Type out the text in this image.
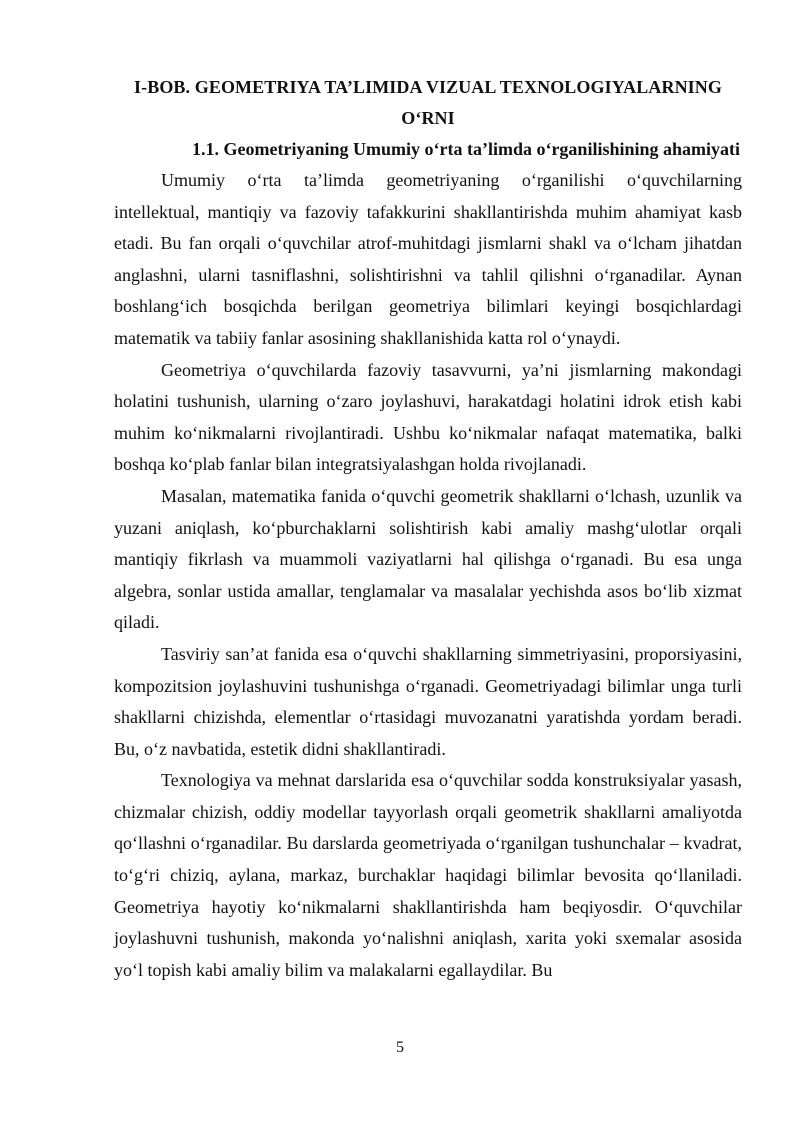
I-BOB. GEOMETRIYA TA’LIMIDA VIZUAL TEXNOLOGIYALARNING

O‘RNI

1.1. Geometriyaning Umumiy o‘rta ta’limda o‘rganilishining ahamiyati

Umumiy o‘rta ta’limda geometriyaning o‘rganilishi o‘quvchilarning intellektual, mantiqiy va fazoviy tafakkurini shakllantirishda muhim ahamiyat kasb etadi. Bu fan orqali o‘quvchilar atrof-muhitdagi jismlarni shakl va o‘lcham jihatdan anglashni, ularni tasniflashni, solishtirishni va tahlil qilishni o‘rganadilar. Aynan boshlang‘ich bosqichda berilgan geometriya bilimlari keyingi bosqichlardagi matematik va tabiiy fanlar asosining shakllanishida katta rol o‘ynaydi.

Geometriya o‘quvchilarda fazoviy tasavvurni, ya’ni jismlarning makondagi holatini tushunish, ularning o‘zaro joylashuvi, harakatdagi holatini idrok etish kabi muhim ko‘nikmalarni rivojlantiradi. Ushbu ko‘nikmalar nafaqat matematika, balki boshqa ko‘plab fanlar bilan integratsiyalashgan holda rivojlanadi.

Masalan, matematika fanida o‘quvchi geometrik shakllarni o‘lchash, uzunlik va yuzani aniqlash, ko‘pburchaklarni solishtirish kabi amaliy mashg‘ulotlar orqali mantiqiy fikrlash va muammoli vaziyatlarni hal qilishga o‘rganadi. Bu esa unga algebra, sonlar ustida amallar, tenglamalar va masalalar yechishda asos bo‘lib xizmat qiladi.

Tasviriy san’at fanida esa o‘quvchi shakllarning simmetriyasini, proporsiyasini, kompozitsion joylashuvini tushunishga o‘rganadi. Geometriyadagi bilimlar unga turli shakllarni chizishda, elementlar o‘rtasidagi muvozanatni yaratishda yordam beradi. Bu, o‘z navbatida, estetik didni shakllantiradi.

Texnologiya va mehnat darslarida esa o‘quvchilar sodda konstruksiyalar yasash, chizmalar chizish, oddiy modellar tayyorlash orqali geometrik shakllarni amaliyotda qo‘llashni o‘rganadilar. Bu darslarda geometriyada o‘rganilgan tushunchalar – kvadrat, to‘g‘ri chiziq, aylana, markaz, burchaklar haqidagi bilimlar bevosita qo‘llaniladi. Geometriya hayotiy ko‘nikmalarni shakllantirishda ham beqiyosdir. O‘quvchilar joylashuvni tushunish, makonda yo‘nalishni aniqlash, xarita yoki sxemalar asosida yo‘l topish kabi amaliy bilim va malakalarni egallaydilar. Bu

5
